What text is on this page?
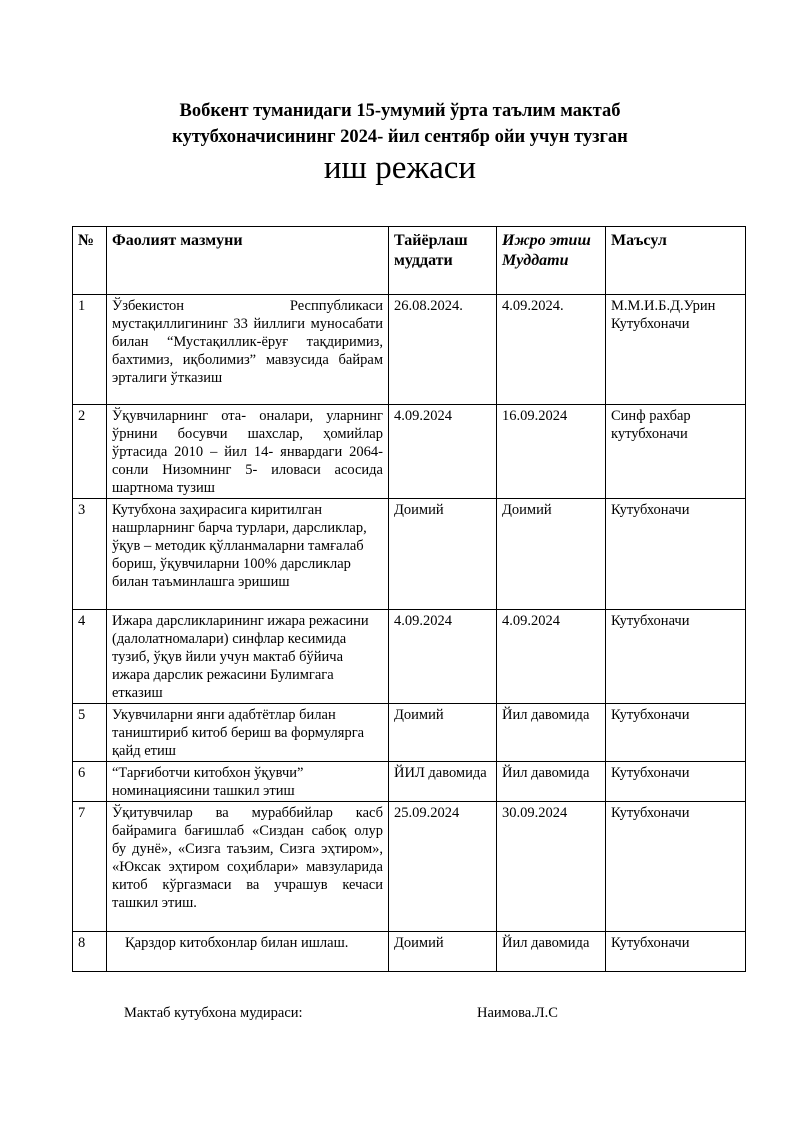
Вобкент туманидаги 15-умумий ўрта таълим мактаб
кутубхоначисининг 2024- йил сентябр ойи учун тузган
иш режаси
№	Фаолият мазмуни	Тайёрлаш муддати	Ижро этиш Муддати	Маъсул
1	Ўзбекистон Респпубликаси мустақиллигининг 33 йиллиги муносабати билан “Мустақиллик-ёруғ тақдиримиз, бахтимиз, иқболимиз” мавзусида байрам эрталиги ўтказиш	26.08.2024.	4.09.2024.	М.М.И.Б.Д.Урин Кутубхоначи
2	Ўқувчиларнинг ота- оналари, уларнинг ўрнини босувчи шахслар, ҳомийлар ўртасида 2010 – йил 14- январдаги 2064-сонли Низомнинг 5- иловаси асосида шартнома тузиш	4.09.2024	16.09.2024	Синф рахбар кутубхоначи
3	Кутубхона заҳирасига киритилган нашрларнинг барча турлари, дарсликлар, ўқув – методик қўлланмаларни тамғалаб бориш, ўқувчиларни 100% дарсликлар билан таъминлашга эришиш	Доимий	Доимий	Кутубхоначи
4	Ижара дарсликларининг ижара режасини (далолатномалари) синфлар кесимида тузиб, ўқув йили учун мактаб бўйича ижара дарслик режасини Булимгага етказиш	4.09.2024	4.09.2024	Кутубхоначи
5	Укувчиларни янги адабтётлар билан таништириб китоб бериш ва формулярга қайд етиш	Доимий	Йил давомида	Кутубхоначи
6	“Тарғиботчи китобхон ўқувчи” номинациясини ташкил этиш	ЙИЛ давомида	Йил давомида	Кутубхоначи
7	Ўқитувчилар ва мураббийлар касб байрамига бағишлаб «Сиздан сабоқ олур бу дунё», «Сизга таъзим, Сизга эҳтиром», «Юксак эҳтиром соҳиблари» мавзуларида китоб кўргазмаси ва учрашув кечаси ташкил этиш.	25.09.2024	30.09.2024	Кутубхоначи
8	Қарздор китобхонлар билан ишлаш.	Доимий	Йил давомида	Кутубхоначи
Мактаб кутубхона мудираси:	Наимова.Л.С
